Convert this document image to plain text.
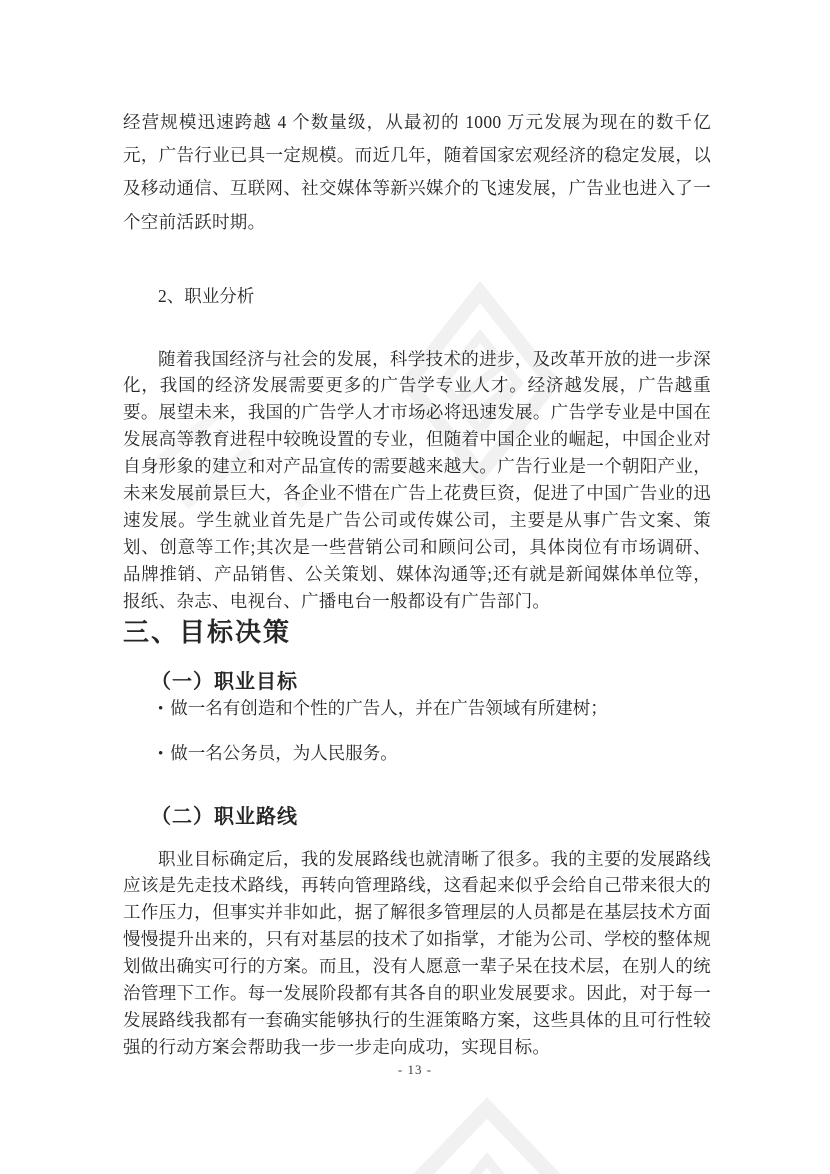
经营规模迅速跨越 4 个数量级，从最初的 1000 万元发展为现在的数千亿元，广告行业已具一定规模。而近几年，随着国家宏观经济的稳定发展，以及移动通信、互联网、社交媒体等新兴媒介的飞速发展，广告业也进入了一个空前活跃时期。

2、职业分析

随着我国经济与社会的发展，科学技术的进步，及改革开放的进一步深化，我国的经济发展需要更多的广告学专业人才。经济越发展，广告越重要。展望未来，我国的广告学人才市场必将迅速发展。广告学专业是中国在发展高等教育进程中较晚设置的专业，但随着中国企业的崛起，中国企业对自身形象的建立和对产品宣传的需要越来越大。广告行业是一个朝阳产业，未来发展前景巨大，各企业不惜在广告上花费巨资，促进了中国广告业的迅速发展。学生就业首先是广告公司或传媒公司，主要是从事广告文案、策划、创意等工作;其次是一些营销公司和顾问公司，具体岗位有市场调研、品牌推销、产品销售、公关策划、媒体沟通等;还有就是新闻媒体单位等，报纸、杂志、电视台、广播电台一般都设有广告部门。

三、目标决策
（一）职业目标
• 做一名有创造和个性的广告人，并在广告领域有所建树；
• 做一名公务员，为人民服务。
（二）职业路线

职业目标确定后，我的发展路线也就清晰了很多。我的主要的发展路线应该是先走技术路线，再转向管理路线，这看起来似乎会给自己带来很大的工作压力，但事实并非如此，据了解很多管理层的人员都是在基层技术方面慢慢提升出来的，只有对基层的技术了如指掌，才能为公司、学校的整体规划做出确实可行的方案。而且，没有人愿意一辈子呆在技术层，在别人的统治管理下工作。每一发展阶段都有其各自的职业发展要求。因此，对于每一发展路线我都有一套确实能够执行的生涯策略方案，这些具体的且可行性较强的行动方案会帮助我一步一步走向成功，实现目标。

- 13 -
